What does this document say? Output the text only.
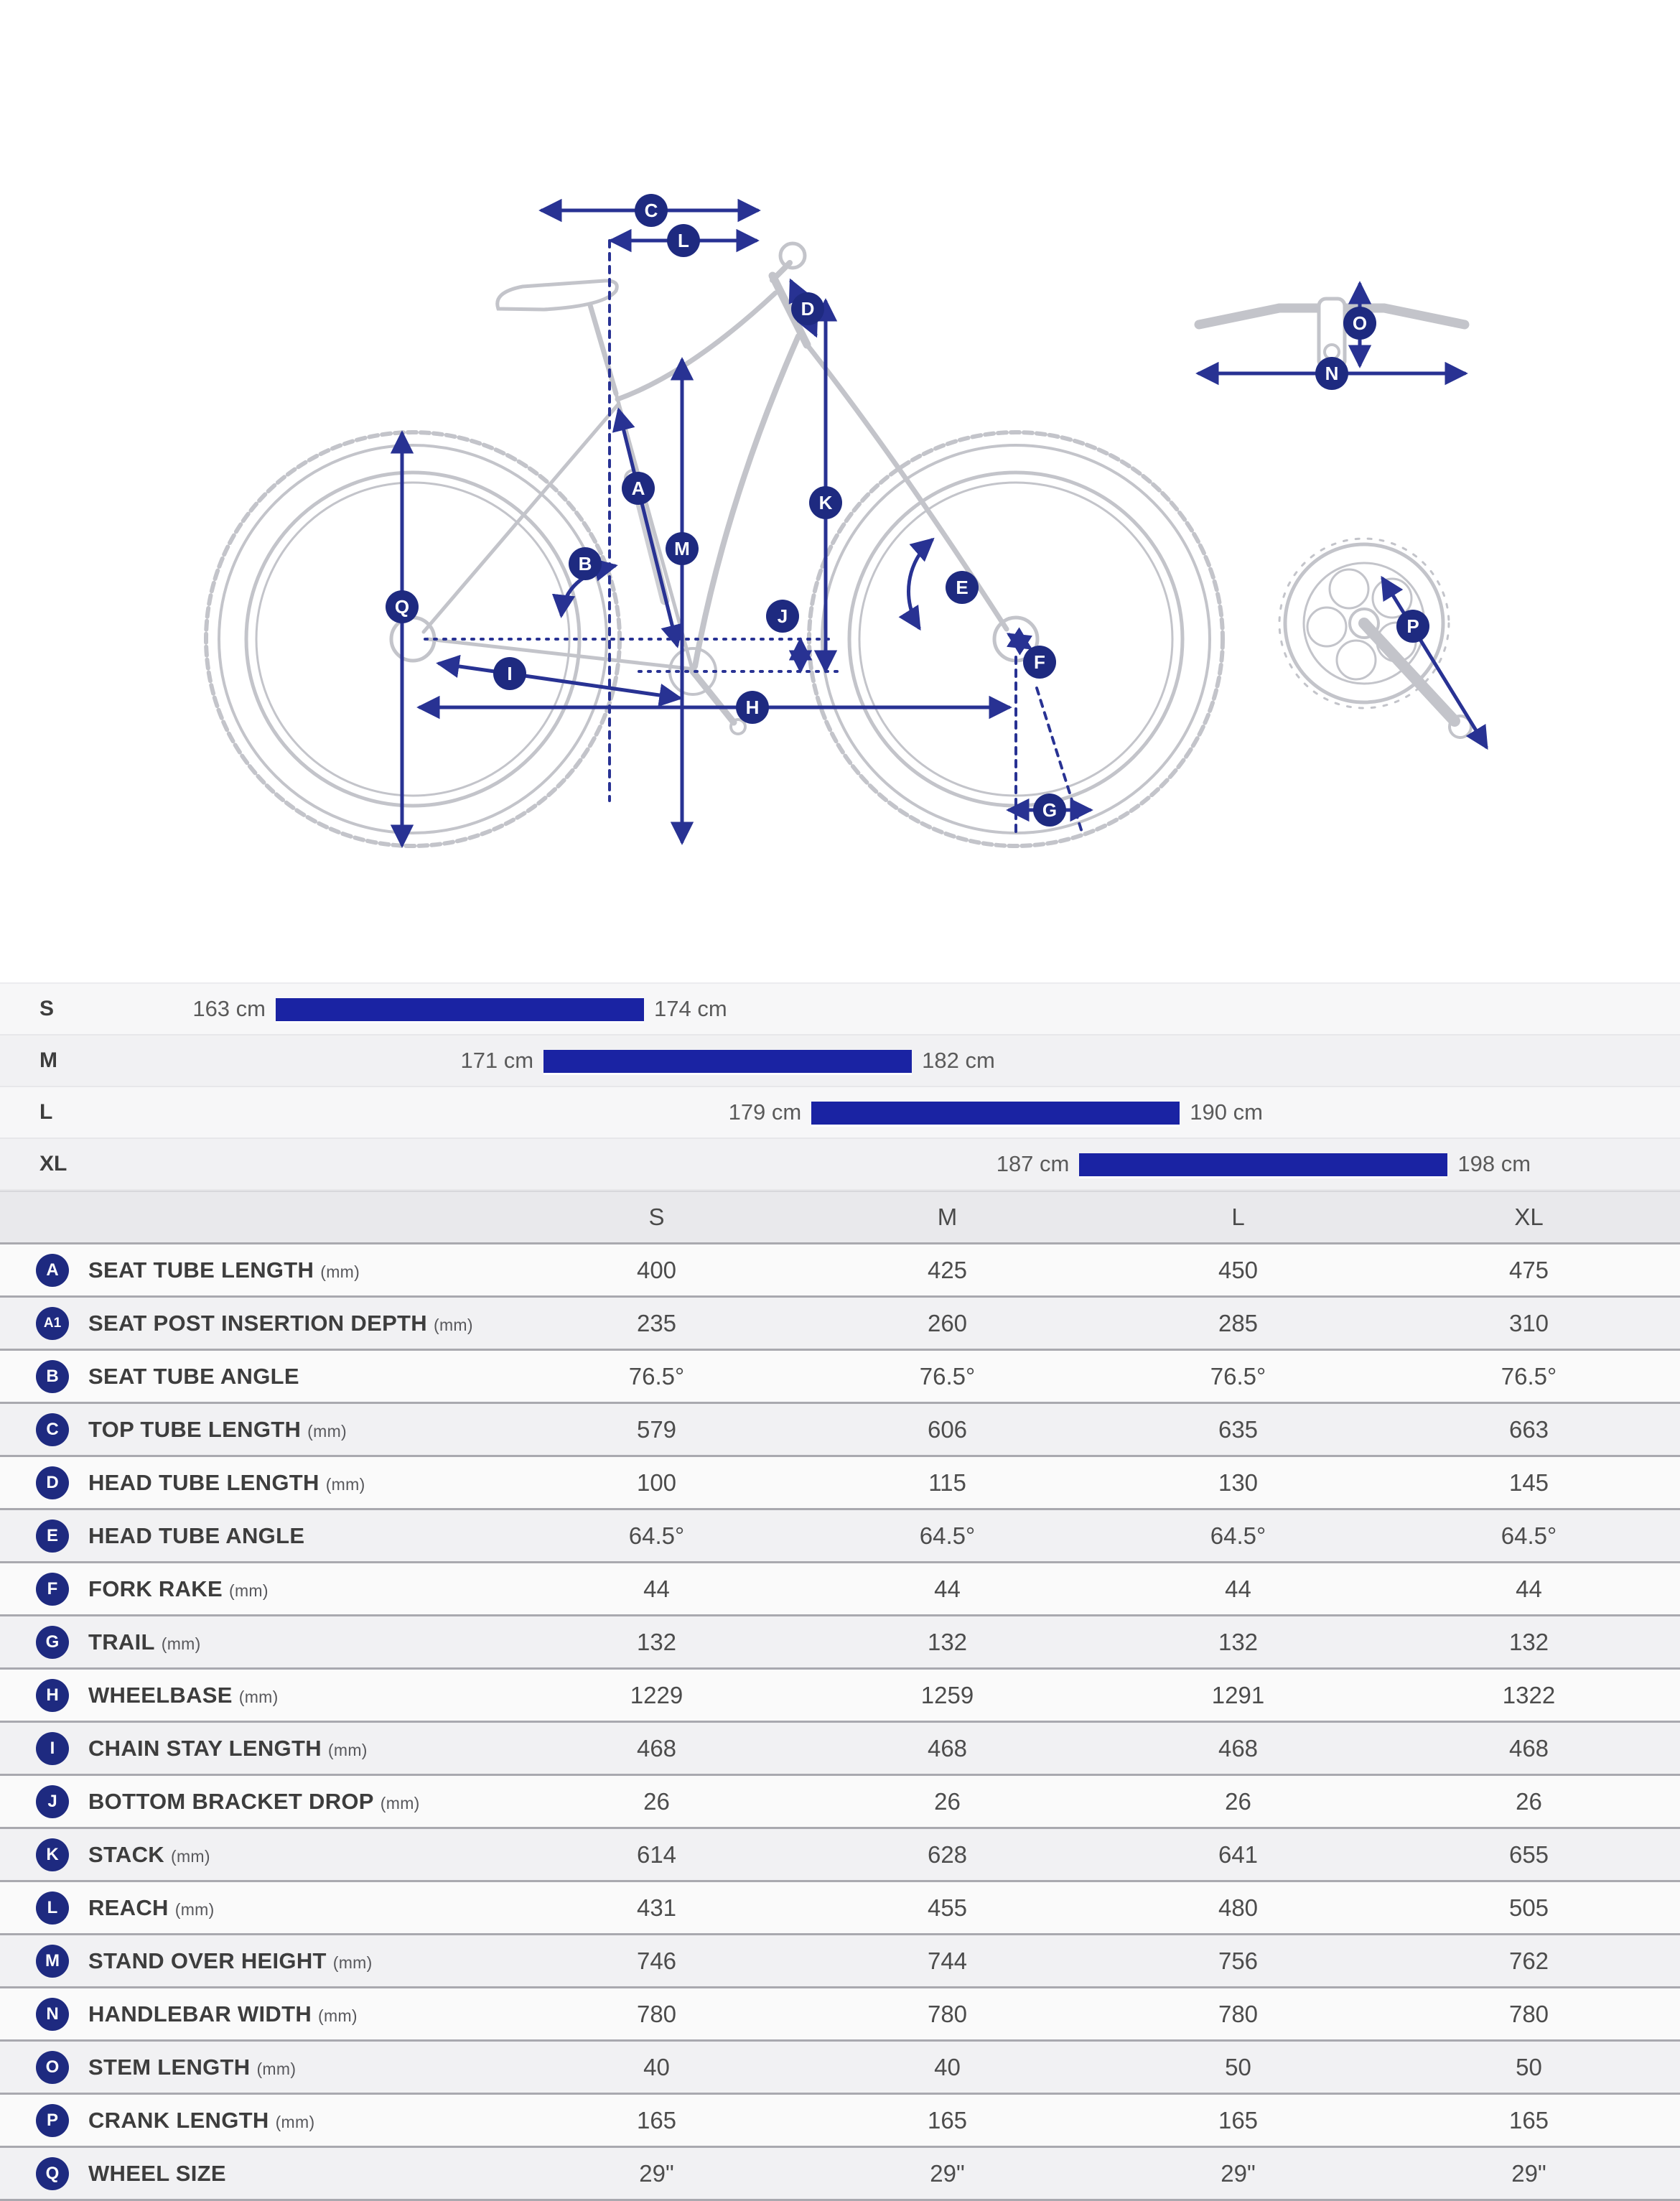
A
B
C
D
E
F
G
H
I
J
K
L
M
Q
O
N
P
S	163 cm	174 cm
M	171 cm	182 cm
L	179 cm	190 cm
XL	187 cm	198 cm
S	M	L	XL
A	SEAT TUBE LENGTH (mm)	400	425	450	475
A1	SEAT POST INSERTION DEPTH (mm)	235	260	285	310
B	SEAT TUBE ANGLE	76.5°	76.5°	76.5°	76.5°
C	TOP TUBE LENGTH (mm)	579	606	635	663
D	HEAD TUBE LENGTH (mm)	100	115	130	145
E	HEAD TUBE ANGLE	64.5°	64.5°	64.5°	64.5°
F	FORK RAKE (mm)	44	44	44	44
G	TRAIL (mm)	132	132	132	132
H	WHEELBASE (mm)	1229	1259	1291	1322
I	CHAIN STAY LENGTH (mm)	468	468	468	468
J	BOTTOM BRACKET DROP (mm)	26	26	26	26
K	STACK (mm)	614	628	641	655
L	REACH (mm)	431	455	480	505
M	STAND OVER HEIGHT (mm)	746	744	756	762
N	HANDLEBAR WIDTH (mm)	780	780	780	780
O	STEM LENGTH (mm)	40	40	50	50
P	CRANK LENGTH (mm)	165	165	165	165
Q	WHEEL SIZE	29"	29"	29"	29"
